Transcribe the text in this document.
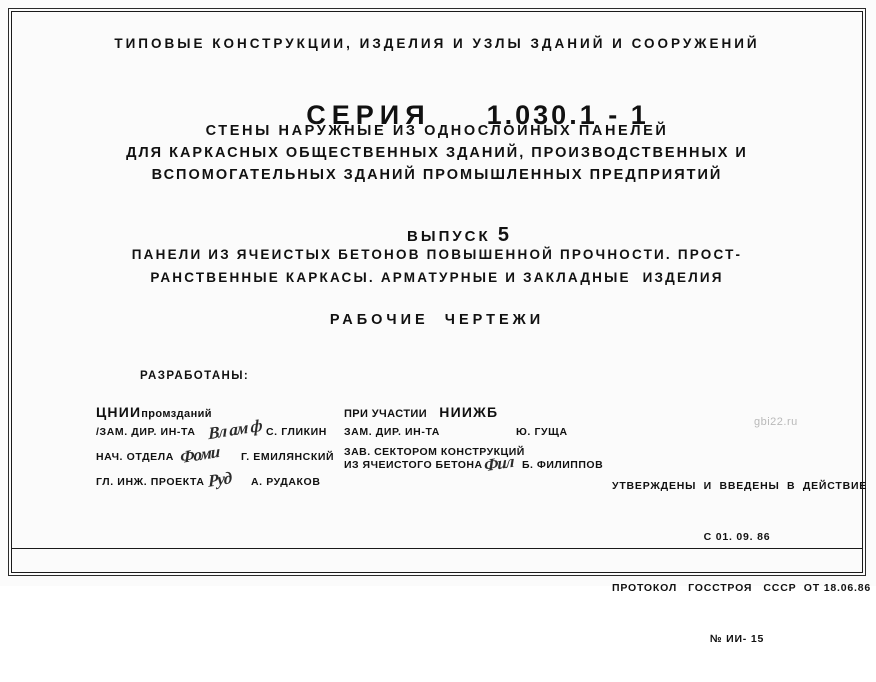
ТИПОВЫЕ КОНСТРУКЦИИ, ИЗДЕЛИЯ И УЗЛЫ ЗДАНИЙ И СООРУЖЕНИЙ

СЕРИЯ 1.030.1 - 1

СТЕНЫ НАРУЖНЫЕ ИЗ ОДНОСЛОЙНЫХ ПАНЕЛЕЙ
ДЛЯ КАРКАСНЫХ ОБЩЕСТВЕННЫХ ЗДАНИЙ, ПРОИЗВОДСТВЕННЫХ И
ВСПОМОГАТЕЛЬНЫХ ЗДАНИЙ ПРОМЫШЛЕННЫХ ПРЕДПРИЯТИЙ

ВЫПУСК 5

ПАНЕЛИ ИЗ ЯЧЕИСТЫХ БЕТОНОВ ПОВЫШЕННОЙ ПРОЧНОСТИ. ПРОСТ-
РАНСТВЕННЫЕ КАРКАСЫ. АРМАТУРНЫЕ И ЗАКЛАДНЫЕ  ИЗДЕЛИЯ
РАБОЧИЕ  ЧЕРТЕЖИ
РАЗРАБОТАНЫ:
ЦНИИпромзданий

/ЗАМ. ДИР. ИН-ТА

Вл ам ф

С. ГЛИКИН

НАЧ. ОТДЕЛА

Фоми

Г. ЕМИЛЯНСКИЙ

ГЛ. ИНЖ. ПРОЕКТА

Руд

А. РУДАКОВ

ПРИ УЧАСТИИ НИИЖБ

ЗАМ. ДИР. ИН-ТА

	Ю. ГУЩА

ЗАВ. СЕКТОРОМ КОНСТРУКЦИЙ

ИЗ ЯЧЕИСТОГО БЕТОНА

Фил

Б. ФИЛИППОВ

УТВЕРЖДЕНЫ  И  ВВЕДЕНЫ  В  ДЕЙСТВИЕ

С 01. 09. 86

ПРОТОКОЛ   ГОССТРОЯ   СССР  ОТ 18.06.86

№ ИИ- 15

gbi22.ru
